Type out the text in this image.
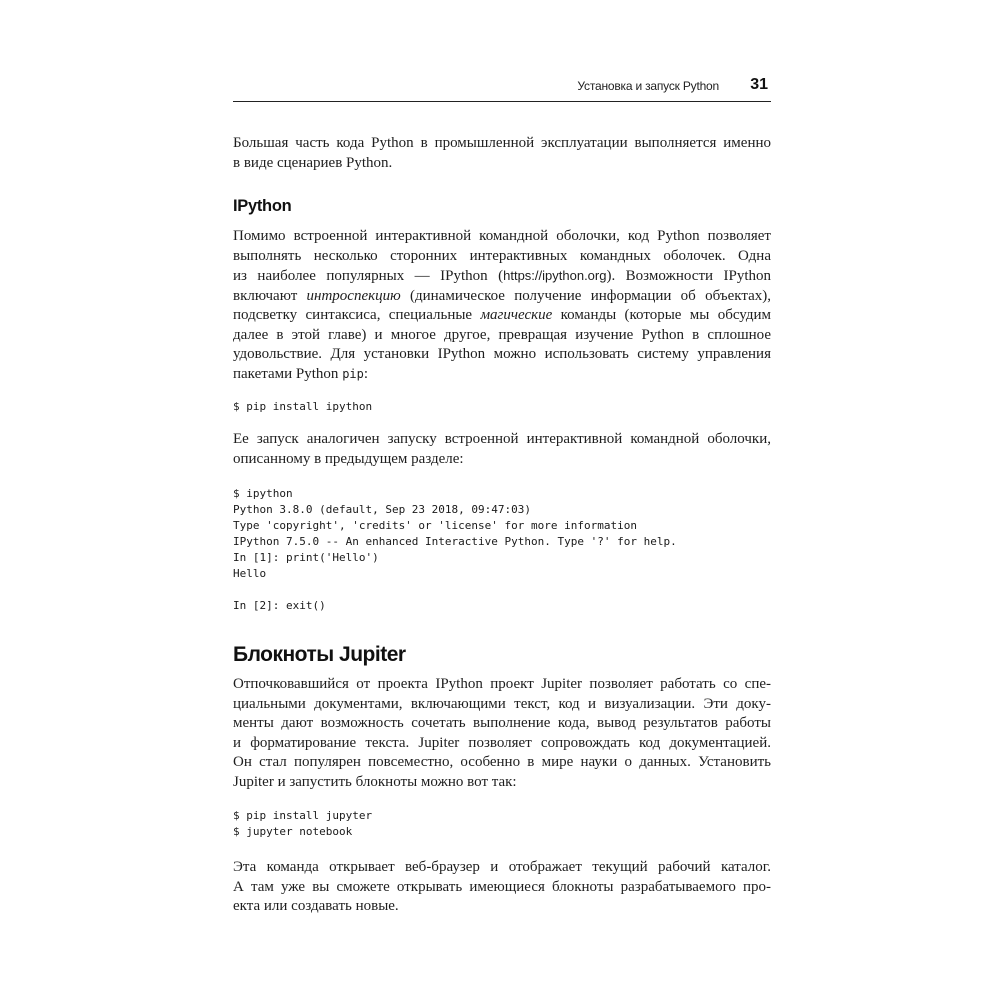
Установка и запуск Python 31

Большая часть кода Python в промышленной эксплуатации выполняется именно
в виде сценариев Python.

IPython

Помимо встроенной интерактивной командной оболочки, код Python позволяет
выполнять несколько сторонних интерактивных командных оболочек. Одна
из наиболее популярных — IPython (https://ipython.org). Возможности IPython
включают интроспекцию (динамическое получение информации об объектах),
подсветку синтаксиса, специальные магические команды (которые мы обсудим
далее в этой главе) и многое другое, превращая изучение Python в сплошное
удовольствие. Для установки IPython можно использовать систему управления
пакетами Python pip:

$ pip install ipython

Ее запуск аналогичен запуску встроенной интерактивной командной оболочки,
описанному в предыдущем разделе:

$ ipython
Python 3.8.0 (default, Sep 23 2018, 09:47:03)
Type 'copyright', 'credits' or 'license' for more information
IPython 7.5.0 -- An enhanced Interactive Python. Type '?' for help.
In [1]: print('Hello')
Hello

In [2]: exit()
Блокноты Jupiter

Отпочковавшийся от проекта IPython проект Jupiter позволяет работать со спе-
циальными документами, включающими текст, код и визуализации. Эти доку-
менты дают возможность сочетать выполнение кода, вывод результатов работы
и форматирование текста. Jupiter позволяет сопровождать код документацией.
Он стал популярен повсеместно, особенно в мире науки о данных. Установить
Jupiter и запустить блокноты можно вот так:

$ pip install jupyter
$ jupyter notebook

Эта команда открывает веб-браузер и отображает текущий рабочий каталог.
А там уже вы сможете открывать имеющиеся блокноты разрабатываемого про-
екта или создавать новые.
